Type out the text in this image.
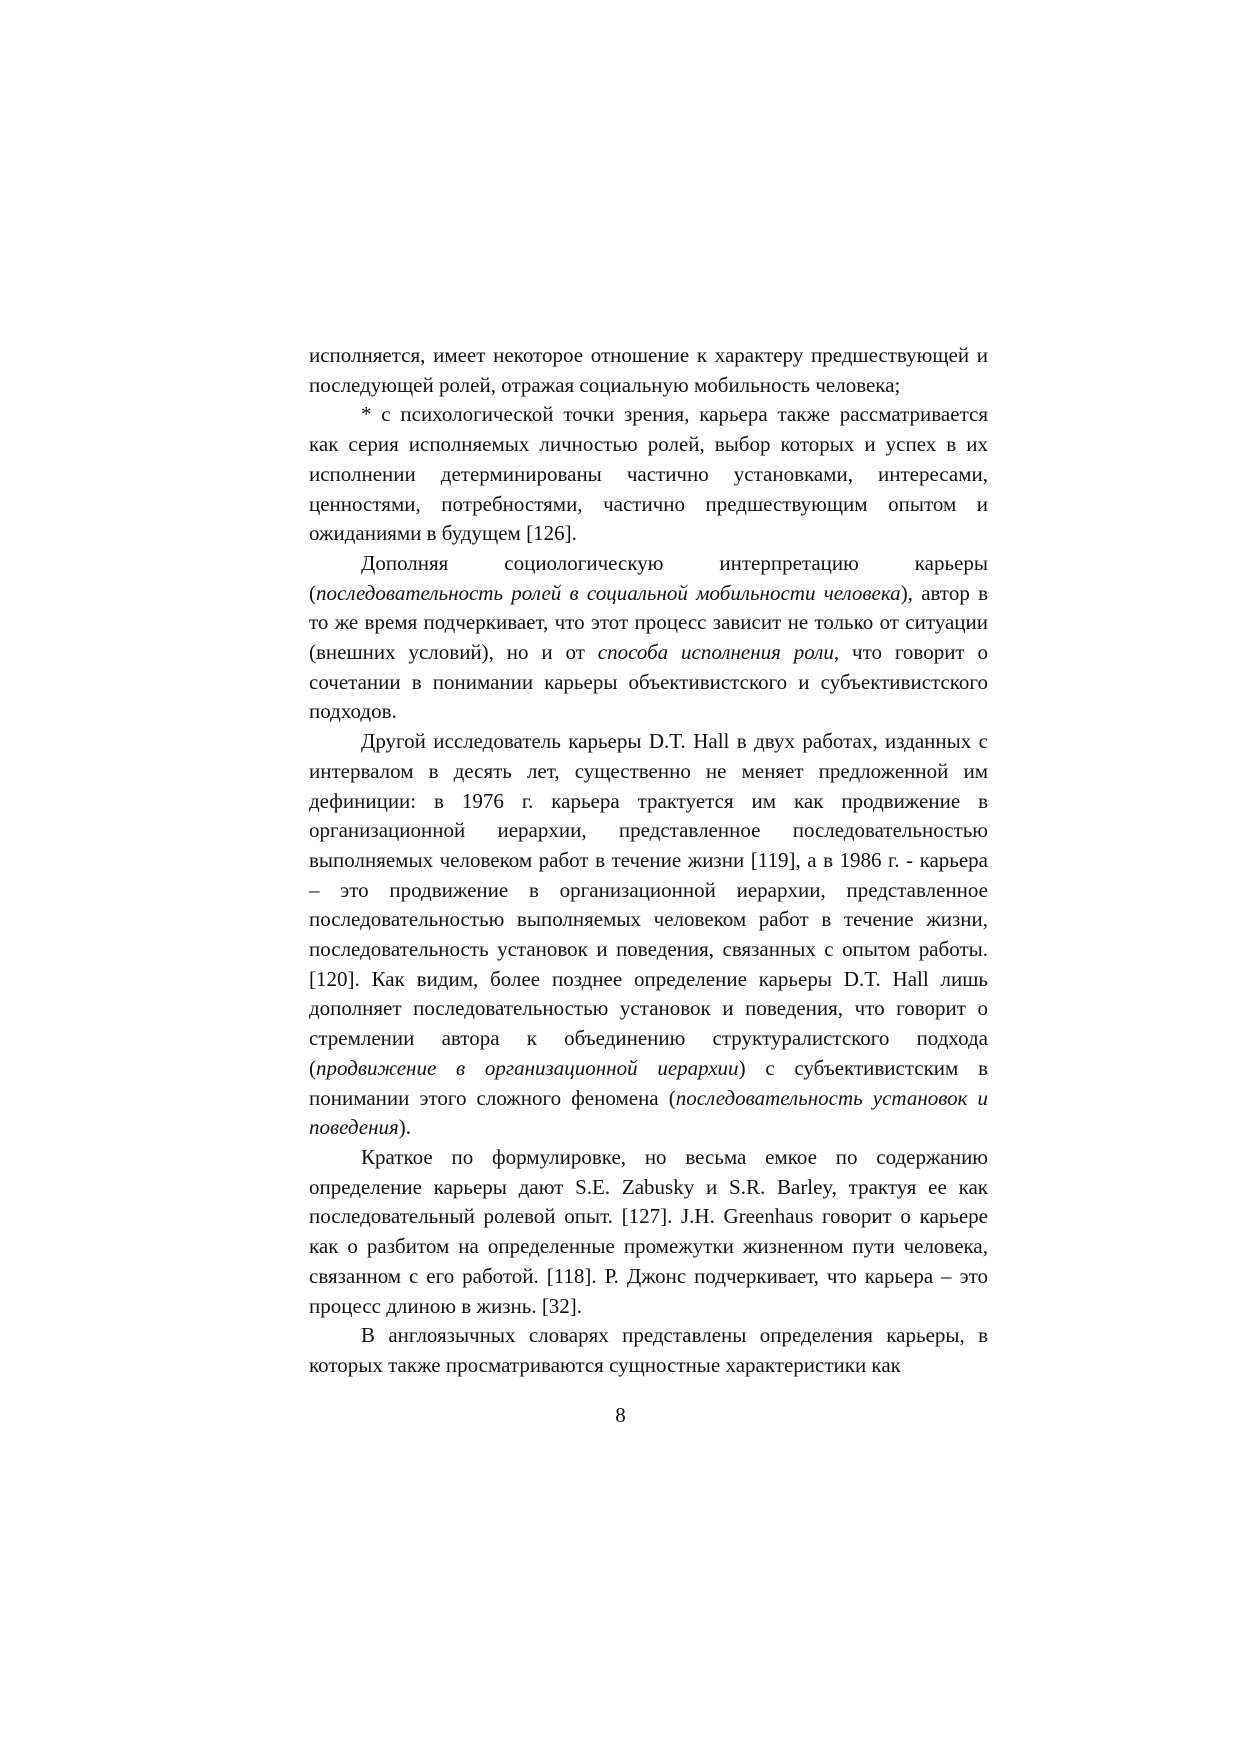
исполняется, имеет некоторое отношение к характеру предшествующей и последующей ролей, отражая социальную мобильность человека;

* с психологической точки зрения, карьера также рассматривается как серия исполняемых личностью ролей, выбор которых и успех в их исполнении детерминированы частично установками, интересами, ценностями, потребностями, частично предшествующим опытом и ожиданиями в будущем [126].

Дополняя социологическую интерпретацию карьеры (последовательность ролей в социальной мобильности человека), автор в то же время подчеркивает, что этот процесс зависит не только от ситуации (внешних условий), но и от способа исполнения роли, что говорит о сочетании в понимании карьеры объективистского и субъективистского подходов.

Другой исследователь карьеры D.T. Hall в двух работах, изданных с интервалом в десять лет, существенно не меняет предложенной им дефиниции: в 1976 г. карьера трактуется им как продвижение в организационной иерархии, представленное последовательностью выполняемых человеком работ в течение жизни [119], а в 1986 г. - карьера – это продвижение в организационной иерархии, представленное последовательностью выполняемых человеком работ в течение жизни, последовательность установок и поведения, связанных с опытом работы. [120]. Как видим, более позднее определение карьеры D.T. Hall лишь дополняет последовательностью установок и поведения, что говорит о стремлении автора к объединению структуралистского подхода (продвижение в организационной иерархии) с субъективистским в понимании этого сложного феномена (последовательность установок и поведения).

Краткое по формулировке, но весьма емкое по содержанию определение карьеры дают S.E. Zabusky и S.R. Barley, трактуя ее как последовательный ролевой опыт. [127]. J.H. Greenhaus говорит о карьере как о разбитом на определенные промежутки жизненном пути человека, связанном с его работой. [118]. Р. Джонс подчеркивает, что карьера – это процесс длиною в жизнь. [32].

В англоязычных словарях представлены определения карьеры, в которых также просматриваются сущностные характеристики как

8
